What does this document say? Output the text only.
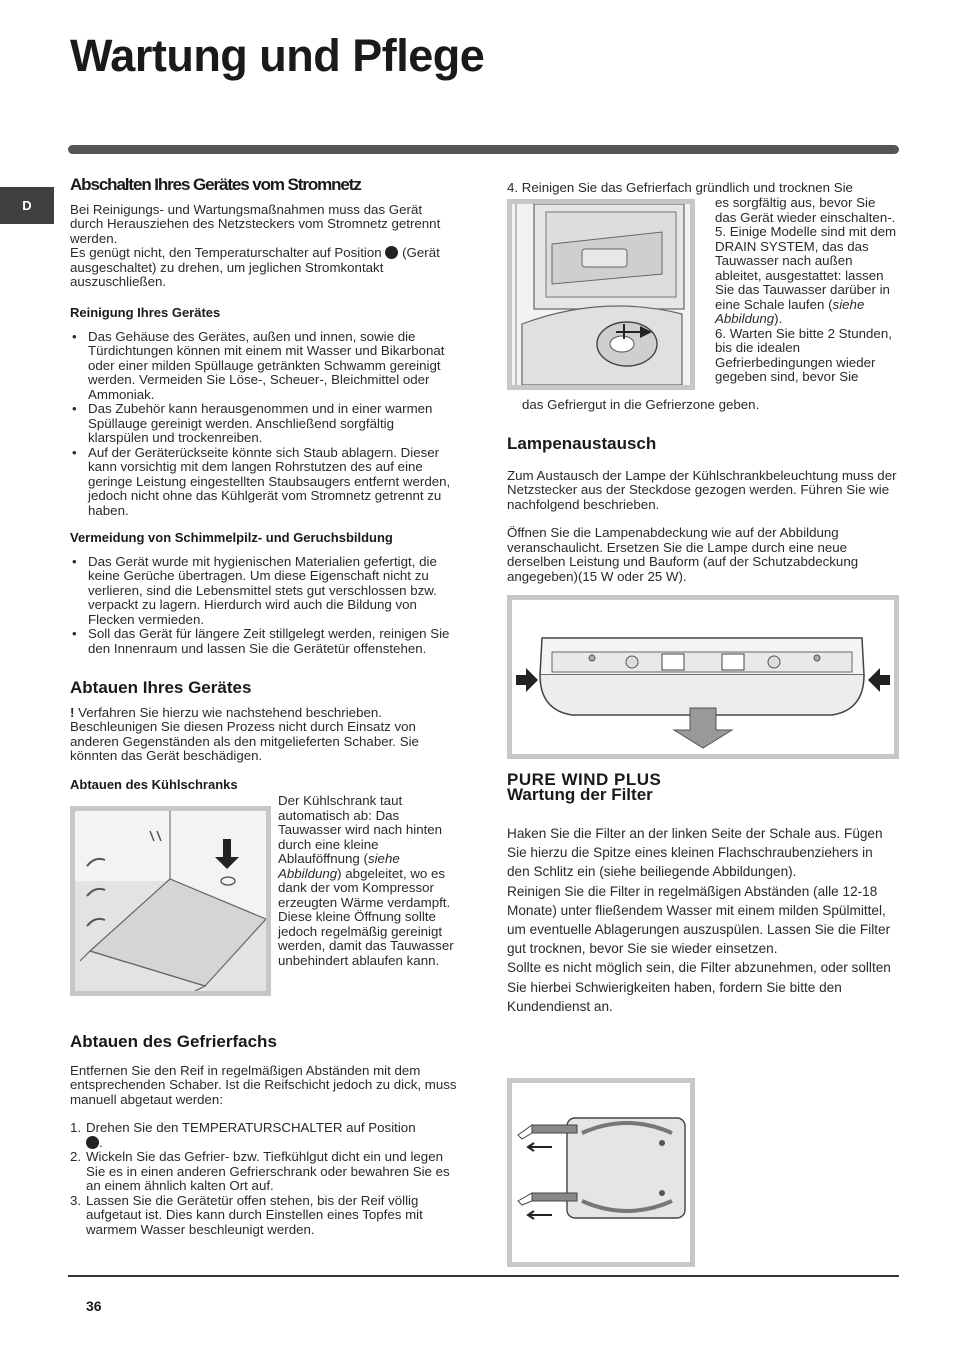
Wartung und Pflege
D
Abschalten Ihres Gerätes vom Stromnetz

Bei Reinigungs- und Wartungsmaßnahmen muss das Gerät durch Herausziehen des Netzsteckers vom Stromnetz getrennt werden.

Es genügt nicht, den Temperaturschalter auf Position (Gerät ausgeschaltet) zu drehen, um jeglichen Stromkontakt auszuschließen.

Reinigung Ihres Gerätes
• Das Gehäuse des Gerätes, außen und innen, sowie die Türdichtungen können mit einem mit Wasser und Bikarbonat oder einer milden Spüllauge getränkten Schwamm gereinigt werden. Vermeiden Sie Löse-, Scheuer-, Bleichmittel oder Ammoniak.
• Das Zubehör kann herausgenommen und in einer warmen Spüllauge gereinigt werden. Anschließend sorgfältig klarspülen und trockenreiben.
• Auf der Geräterückseite könnte sich Staub ablagern. Dieser kann vorsichtig mit dem langen Rohrstutzen des auf eine geringe Leistung eingestellten Staubsaugers entfernt werden, jedoch nicht ohne das Kühlgerät vom Stromnetz getrennt zu haben.
Vermeidung von Schimmelpilz- und Geruchsbildung
• Das Gerät wurde mit hygienischen Materialien gefertigt, die keine Gerüche übertragen. Um diese Eigenschaft nicht zu verlieren, sind die Lebensmittel stets gut verschlossen bzw. verpackt zu lagern. Hierdurch wird auch die Bildung von Flecken vermieden.
• Soll das Gerät für längere Zeit stillgelegt werden, reinigen Sie den Innenraum und lassen Sie die Gerätetür offenstehen.
Abtauen Ihres Gerätes

! Verfahren Sie hierzu wie nachstehend beschrieben. Beschleunigen Sie diesen Prozess nicht durch Einsatz von anderen Gegenständen als den mitgelieferten Schaber. Sie könnten das Gerät beschädigen.

Abtauen des Kühlschranks

Der Kühlschrank taut automatisch ab: Das Tauwasser wird nach hinten durch eine kleine Ablauföffnung (siehe Abbildung) abgeleitet, wo es dank der vom Kompressor erzeugten Wärme verdampft. Diese kleine Öffnung sollte jedoch regelmäßig gereinigt werden, damit das Tauwasser unbehindert ablaufen kann.

Abtauen des Gefrierfachs

Entfernen Sie den Reif in regelmäßigen Abständen mit dem entsprechenden Schaber. Ist die Reifschicht jedoch zu dick, muss manuell abgetaut werden:

1. Drehen Sie den TEMPERATURSCHALTER auf Position
.
2. Wickeln Sie das Gefrier- bzw. Tiefkühlgut dicht ein und legen Sie es in einen anderen Gefrierschrank oder bewahren Sie es an einem ähnlich kalten Ort auf.
3. Lassen Sie die Gerätetür offen stehen, bis der Reif völlig aufgetaut ist. Dies kann durch Einstellen eines Topfes mit warmem Wasser beschleunigt werden.
4. Reinigen Sie das Gefrierfach gründlich und trocknen Sie

es sorgfältig aus, bevor Sie das Gerät wieder einschalten-.

5. Einige Modelle sind mit dem DRAIN SYSTEM, das das Tauwasser nach außen ableitet, ausgestattet: lassen Sie das Tauwasser darüber in eine Schale laufen (siehe Abbildung).

6. Warten Sie bitte 2 Stunden, bis die idealen Gefrierbedingungen wieder gegeben sind, bevor Sie

das Gefriergut in die Gefrierzone geben.
Lampenaustausch

Zum Austausch der Lampe der Kühlschrankbeleuchtung muss der Netzstecker aus der Steckdose gezogen werden. Führen Sie wie nachfolgend beschrieben.

Öffnen Sie die Lampenabdeckung wie auf der Abbildung veranschaulicht. Ersetzen Sie die Lampe durch eine neue derselben Leistung und Bauform (auf der Schutzabdeckung angegeben)(15 W oder 25 W).

PURE WIND PLUS
Wartung der Filter

Haken Sie die Filter an der linken Seite der Schale aus. Fügen Sie hierzu die Spitze eines kleinen Flachschraubenziehers in den Schlitz ein (siehe beiliegende Abbildungen).

Reinigen Sie die Filter in regelmäßigen Abständen (alle 12-18 Monate) unter fließendem Wasser mit einem milden Spülmittel, um eventuelle Ablagerungen auszuspülen. Lassen Sie die Filter gut trocknen, bevor Sie sie wieder einsetzen.

Sollte es nicht möglich sein, die Filter abzunehmen, oder sollten Sie hierbei Schwierigkeiten haben, fordern Sie bitte den Kundendienst an.

36
